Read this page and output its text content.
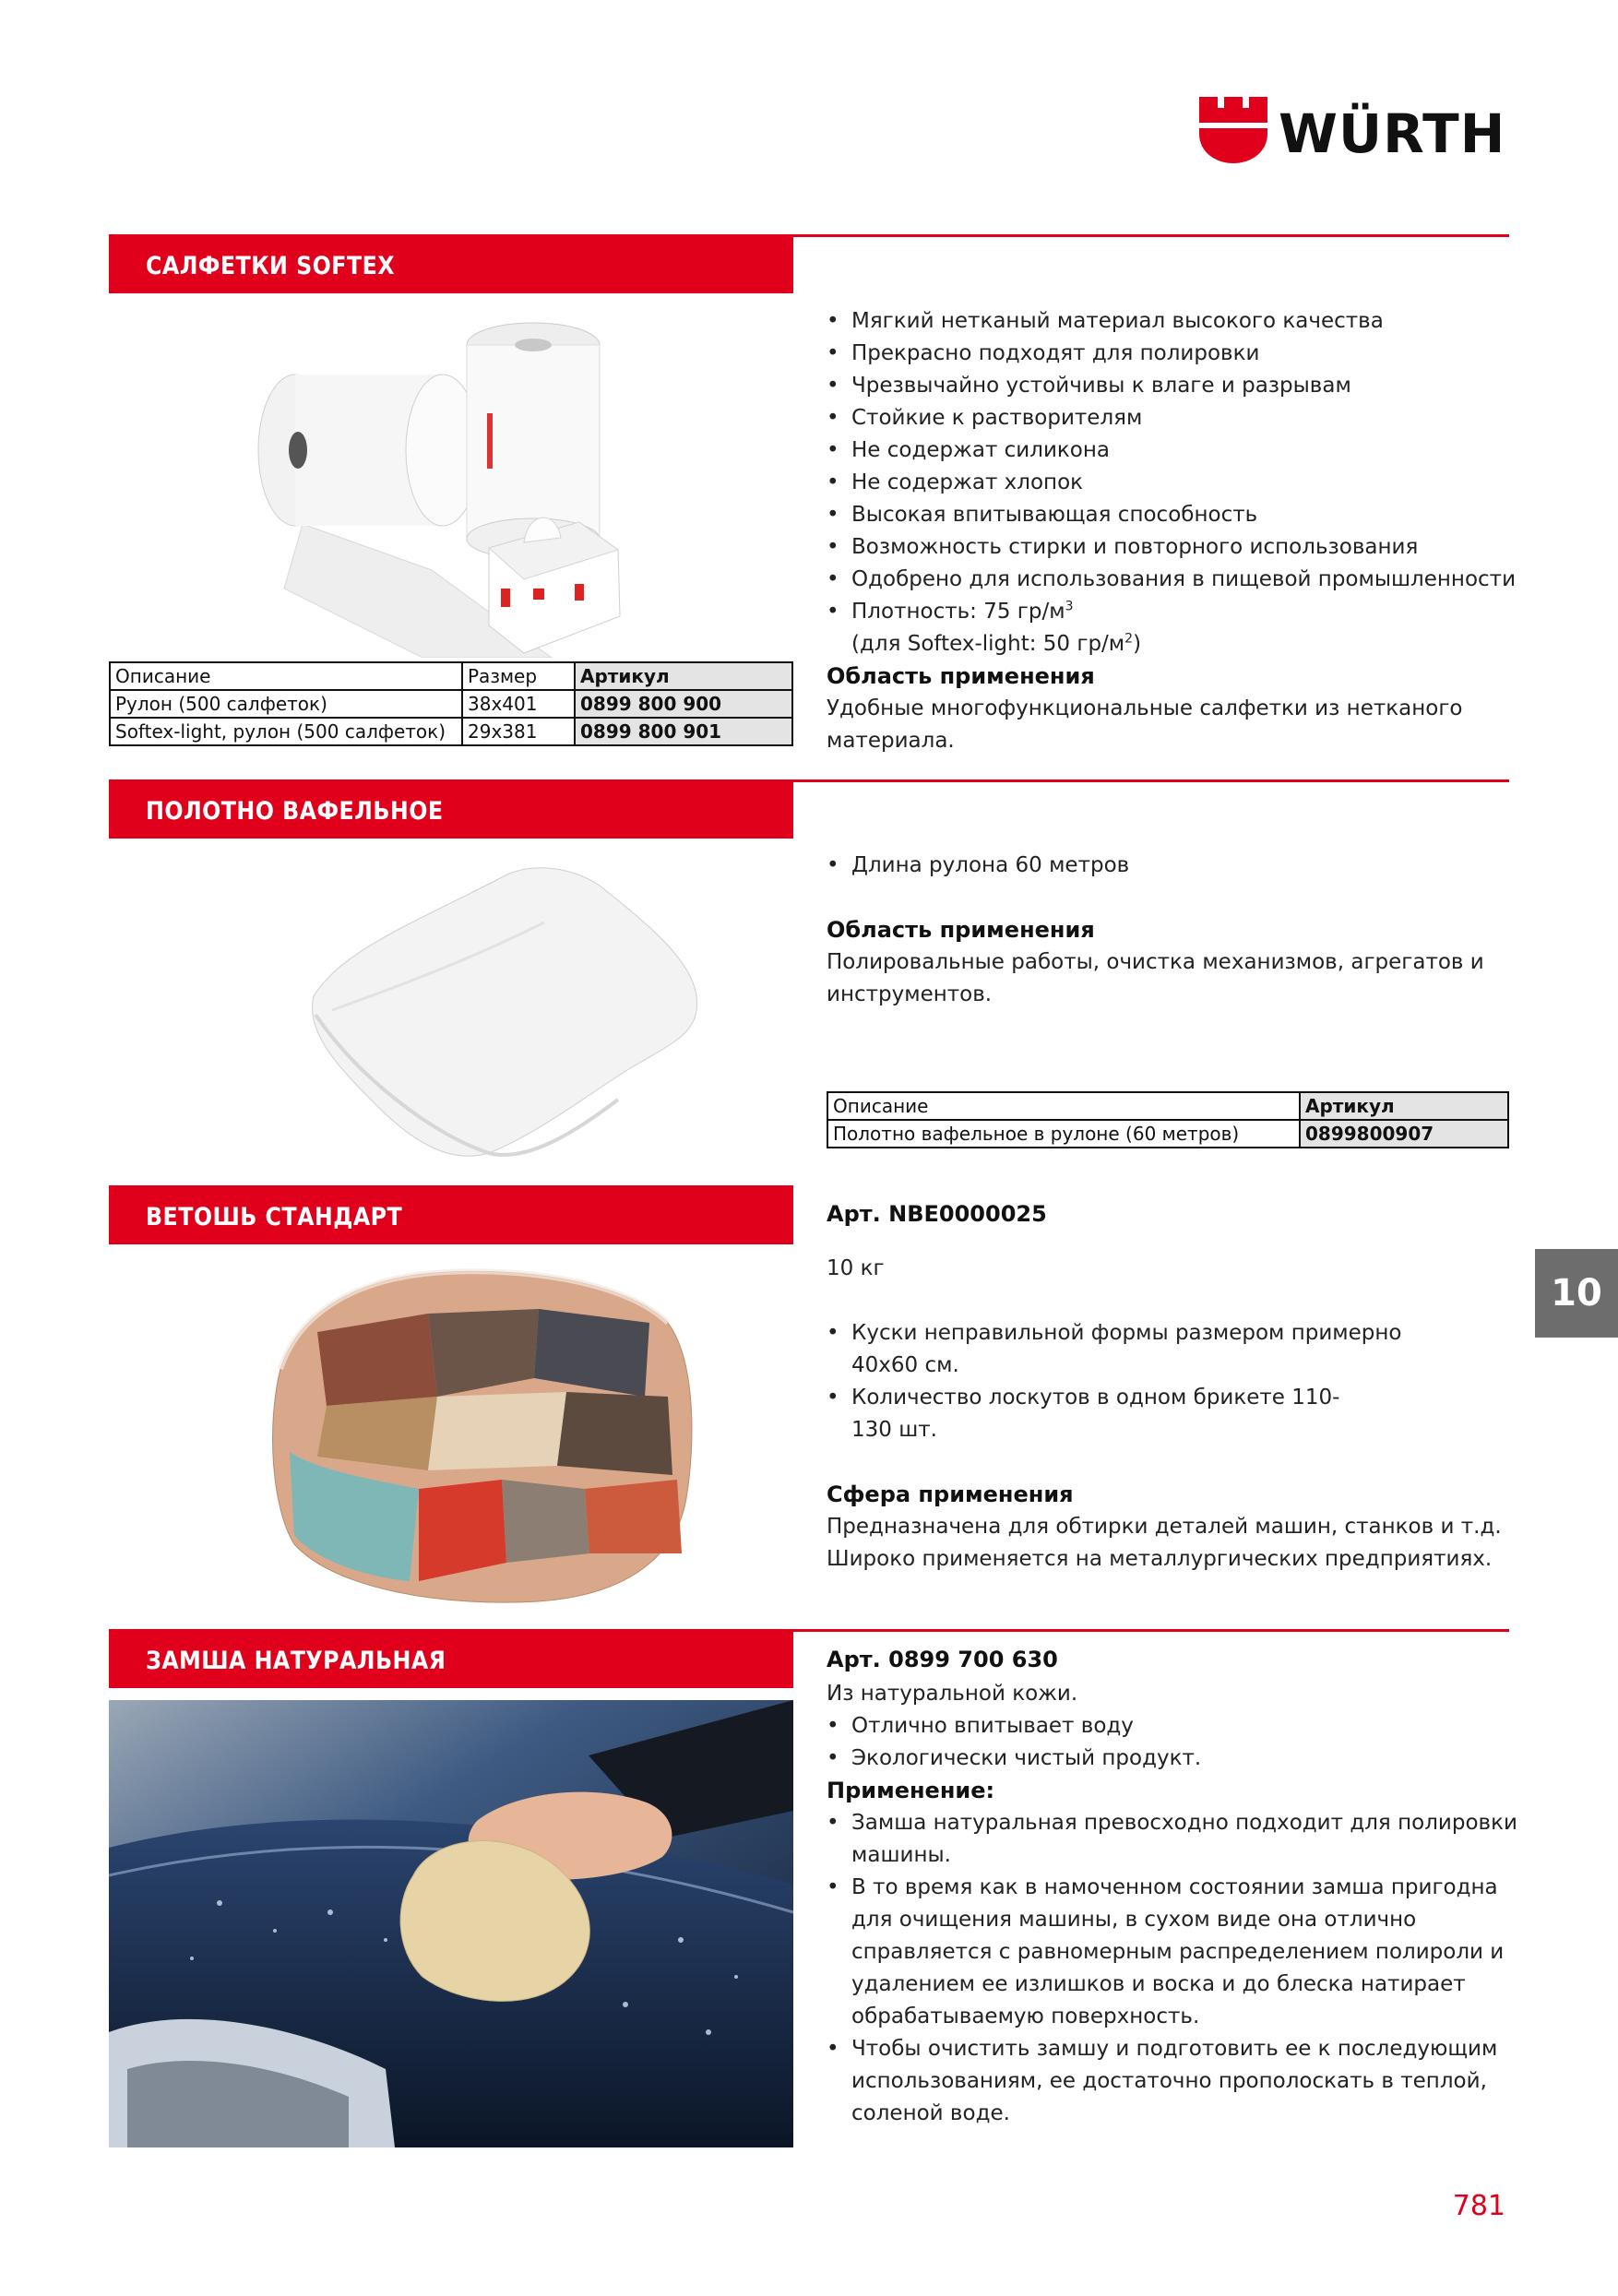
WÜRTH
САЛФЕТКИ SOFTEX
Описание	Размер	Артикул
Рулон (500 салфеток)	38x401	0899 800 900
Softex-light, рулон (500 салфеток)	29x381	0899 800 901

• Мягкий нетканый материал высокого качества

• Прекрасно подходят для полировки

• Чрезвычайно устойчивы к влаге и разрывам

• Стойкие к растворителям

• Не содержат силикона

• Не содержат хлопок

• Высокая впитывающая способность

• Возможность стирки и повторного использования

• Одобрено для использования в пищевой промышленности

• Плотность: 75 $гр/м^3$

(для Softex-light: 50 $гр/м^2$)

Область применения

Удобные многофункциональные салфетки из нетканого материала.

ПОЛОТНО ВАФЕЛЬНОЕ

• Длина рулона 60 метров

Область применения

Полировальные работы, очистка механизмов, агрегатов и инструментов.

Описание	Артикул
Полотно вафельное в рулоне (60 метров)	0899800907
ВЕТОШЬ СТАНДАРТ	Арт. NBE0000025

10 кг

• Куски неправильной формы размером примерно 40х60 см.

• Количество лоскутов в одном брикете 110-130 шт.

Сфера применения

Предназначена для обтирки деталей машин, станков и т.д. Широко применяется на металлургических предприятиях.

ЗАМША НАТУРАЛЬНАЯ	Арт. 0899 700 630

Из натуральной кожи.

• Отлично впитывает воду

• Экологически чистый продукт.

Применение:

• Замша натуральная превосходно подходит для полировки машины.

• В то время как в намоченном состоянии замша пригодна для очищения машины, в сухом виде она отлично справляется с равномерным распределением полироли и удалением ее излишков и воска и до блеска натирает обрабатываемую поверхность.

• Чтобы очистить замшу и подготовить ее к последующим использованиям, ее достаточно прополоскать в теплой, соленой воде.

10
781
